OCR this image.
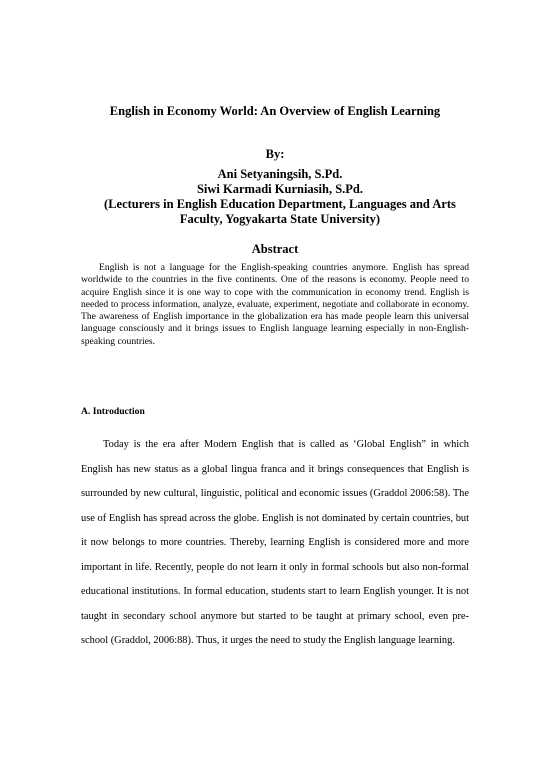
English in Economy World: An Overview of English Learning
By:
Ani Setyaningsih, S.Pd.
Siwi Karmadi Kurniasih, S.Pd.
(Lecturers in English Education Department, Languages and Arts Faculty, Yogyakarta State University)
Abstract

English is not a language for the English-speaking countries anymore. English has spread worldwide to the countries in the five continents. One of the reasons is economy. People need to acquire English since it is one way to cope with the communication in economy trend. English is needed to process information, analyze, evaluate, experiment, negotiate and collaborate in economy. The awareness of English importance in the globalization era has made people learn this universal language consciously and it brings issues to English language learning especially in non-English-speaking countries.

A. Introduction

Today is the era after Modern English that is called as ‘Global English” in which English has new status as a global lingua franca and it brings consequences that English is surrounded by new cultural, linguistic, political and economic issues (Graddol 2006:58). The use of English has spread across the globe. English is not dominated by certain countries, but it now belongs to more countries. Thereby, learning English is considered more and more important in life. Recently, people do not learn it only in formal schools but also non-formal educational institutions. In formal education, students start to learn English younger. It is not taught in secondary school anymore but started to be taught at primary school, even pre-school (Graddol, 2006:88). Thus, it urges the need to study the English language learning.
